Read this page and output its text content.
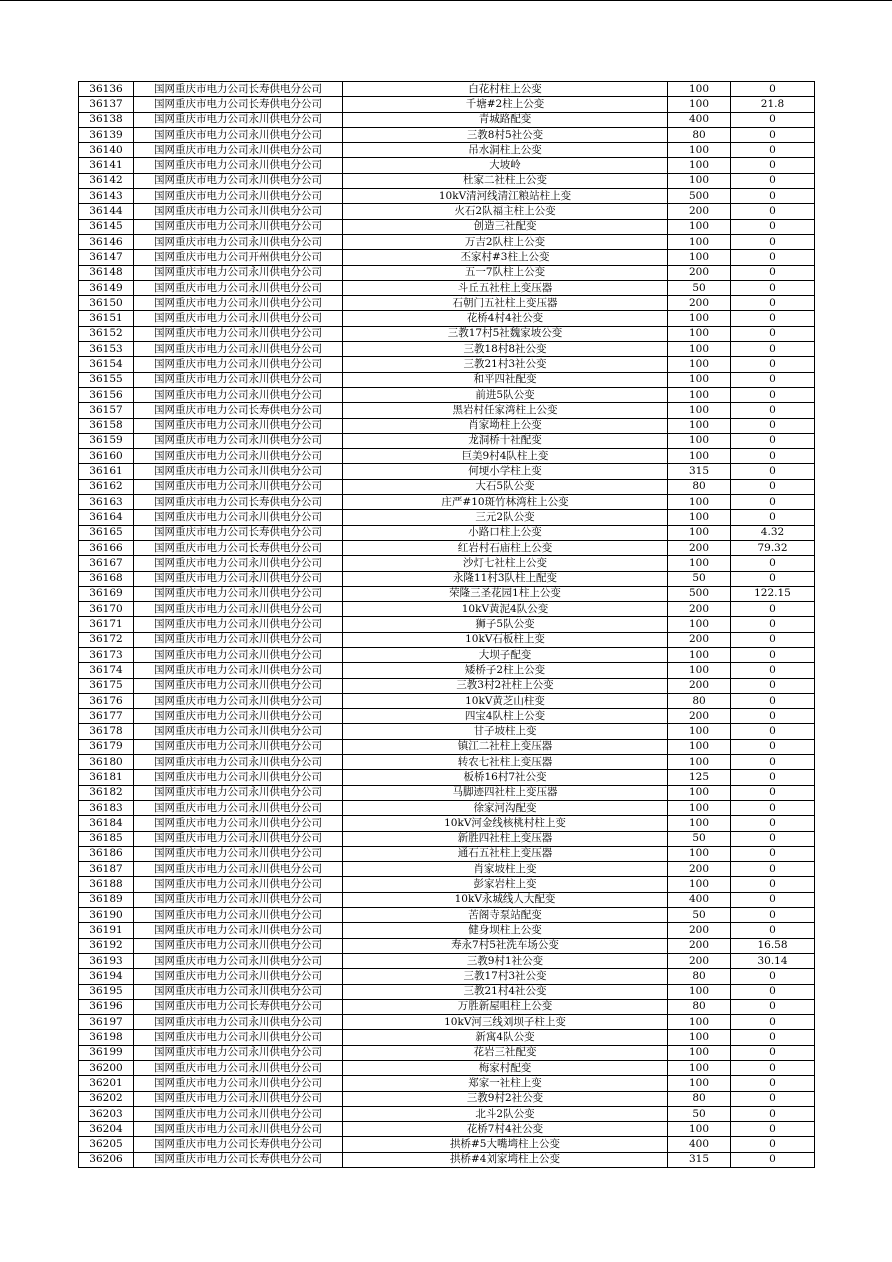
36136	国网重庆市电力公司长寿供电分公司	白花村柱上公变	100	0
36137	国网重庆市电力公司长寿供电分公司	千塘#2柱上公变	100	21.8
36138	国网重庆市电力公司永川供电分公司	青城路配变	400	0
36139	国网重庆市电力公司永川供电分公司	三教8村5社公变	80	0
36140	国网重庆市电力公司永川供电分公司	吊水洞柱上公变	100	0
36141	国网重庆市电力公司永川供电分公司	大坡岭	100	0
36142	国网重庆市电力公司永川供电分公司	杜家二社柱上公变	100	0
36143	国网重庆市电力公司永川供电分公司	10kV清河线清江粮站柱上变	500	0
36144	国网重庆市电力公司永川供电分公司	火石2队福主柱上公变	200	0
36145	国网重庆市电力公司永川供电分公司	创造三社配变	100	0
36146	国网重庆市电力公司永川供电分公司	万吉2队柱上公变	100	0
36147	国网重庆市电力公司开州供电分公司	丕家村#3柱上公变	100	0
36148	国网重庆市电力公司永川供电分公司	五一7队柱上公变	200	0
36149	国网重庆市电力公司永川供电分公司	斗丘五社柱上变压器	50	0
36150	国网重庆市电力公司永川供电分公司	石朝门五社柱上变压器	200	0
36151	国网重庆市电力公司永川供电分公司	花桥4村4社公变	100	0
36152	国网重庆市电力公司永川供电分公司	三教17村5社魏家坡公变	100	0
36153	国网重庆市电力公司永川供电分公司	三教18村8社公变	100	0
36154	国网重庆市电力公司永川供电分公司	三教21村3社公变	100	0
36155	国网重庆市电力公司永川供电分公司	和平四社配变	100	0
36156	国网重庆市电力公司永川供电分公司	前进5队公变	100	0
36157	国网重庆市电力公司长寿供电分公司	黑岩村任家湾柱上公变	100	0
36158	国网重庆市电力公司永川供电分公司	肖家坳柱上公变	100	0
36159	国网重庆市电力公司永川供电分公司	龙洞桥十社配变	100	0
36160	国网重庆市电力公司永川供电分公司	巨美9村4队柱上变	100	0
36161	国网重庆市电力公司永川供电分公司	何埂小学柱上变	315	0
36162	国网重庆市电力公司永川供电分公司	大石5队公变	80	0
36163	国网重庆市电力公司长寿供电分公司	庄严#10斑竹林湾柱上公变	100	0
36164	国网重庆市电力公司永川供电分公司	三元2队公变	100	0
36165	国网重庆市电力公司长寿供电分公司	小路口柱上公变	100	4.32
36166	国网重庆市电力公司长寿供电分公司	红岩村石庙柱上公变	200	79.32
36167	国网重庆市电力公司永川供电分公司	沙灯七社柱上公变	100	0
36168	国网重庆市电力公司永川供电分公司	永隆11村3队柱上配变	50	0
36169	国网重庆市电力公司永川供电分公司	荣隆三圣花园1柱上公变	500	122.15
36170	国网重庆市电力公司永川供电分公司	10kV黄泥4队公变	200	0
36171	国网重庆市电力公司永川供电分公司	狮子5队公变	100	0
36172	国网重庆市电力公司永川供电分公司	10kV石板柱上变	200	0
36173	国网重庆市电力公司永川供电分公司	大坝子配变	100	0
36174	国网重庆市电力公司永川供电分公司	矮桥子2柱上公变	100	0
36175	国网重庆市电力公司永川供电分公司	三教3村2社柱上公变	200	0
36176	国网重庆市电力公司永川供电分公司	10kV黄芝山柱变	80	0
36177	国网重庆市电力公司永川供电分公司	四宝4队柱上公变	200	0
36178	国网重庆市电力公司永川供电分公司	甘子坡柱上变	100	0
36179	国网重庆市电力公司永川供电分公司	镇江二社柱上变压器	100	0
36180	国网重庆市电力公司永川供电分公司	转农七社柱上变压器	100	0
36181	国网重庆市电力公司永川供电分公司	板桥16村7社公变	125	0
36182	国网重庆市电力公司永川供电分公司	马脚迹四社柱上变压器	100	0
36183	国网重庆市电力公司永川供电分公司	徐家河沟配变	100	0
36184	国网重庆市电力公司永川供电分公司	10kV河金线核桃村柱上变	100	0
36185	国网重庆市电力公司永川供电分公司	新胜四社柱上变压器	50	0
36186	国网重庆市电力公司永川供电分公司	通石五社柱上变压器	100	0
36187	国网重庆市电力公司永川供电分公司	肖家坡柱上变	200	0
36188	国网重庆市电力公司永川供电分公司	彭家岩柱上变	100	0
36189	国网重庆市电力公司永川供电分公司	10kV永城线人大配变	400	0
36190	国网重庆市电力公司永川供电分公司	苦阁寺泵站配变	50	0
36191	国网重庆市电力公司永川供电分公司	健身坝柱上公变	200	0
36192	国网重庆市电力公司永川供电分公司	寿永7村5社洗车场公变	200	16.58
36193	国网重庆市电力公司永川供电分公司	三教9村1社公变	200	30.14
36194	国网重庆市电力公司永川供电分公司	三教17村3社公变	80	0
36195	国网重庆市电力公司永川供电分公司	三教21村4社公变	100	0
36196	国网重庆市电力公司长寿供电分公司	万胜新屋咀柱上公变	80	0
36197	国网重庆市电力公司永川供电分公司	10kV河三线刘坝子柱上变	100	0
36198	国网重庆市电力公司永川供电分公司	新寓4队公变	100	0
36199	国网重庆市电力公司永川供电分公司	花岩三社配变	100	0
36200	国网重庆市电力公司永川供电分公司	梅家村配变	100	0
36201	国网重庆市电力公司永川供电分公司	郑家一社柱上变	100	0
36202	国网重庆市电力公司永川供电分公司	三教9村2社公变	80	0
36203	国网重庆市电力公司永川供电分公司	北斗2队公变	50	0
36204	国网重庆市电力公司永川供电分公司	花桥7村4社公变	100	0
36205	国网重庆市电力公司长寿供电分公司	拱桥#5大嘴塆柱上公变	400	0
36206	国网重庆市电力公司长寿供电分公司	拱桥#4刘家塆柱上公变	315	0
